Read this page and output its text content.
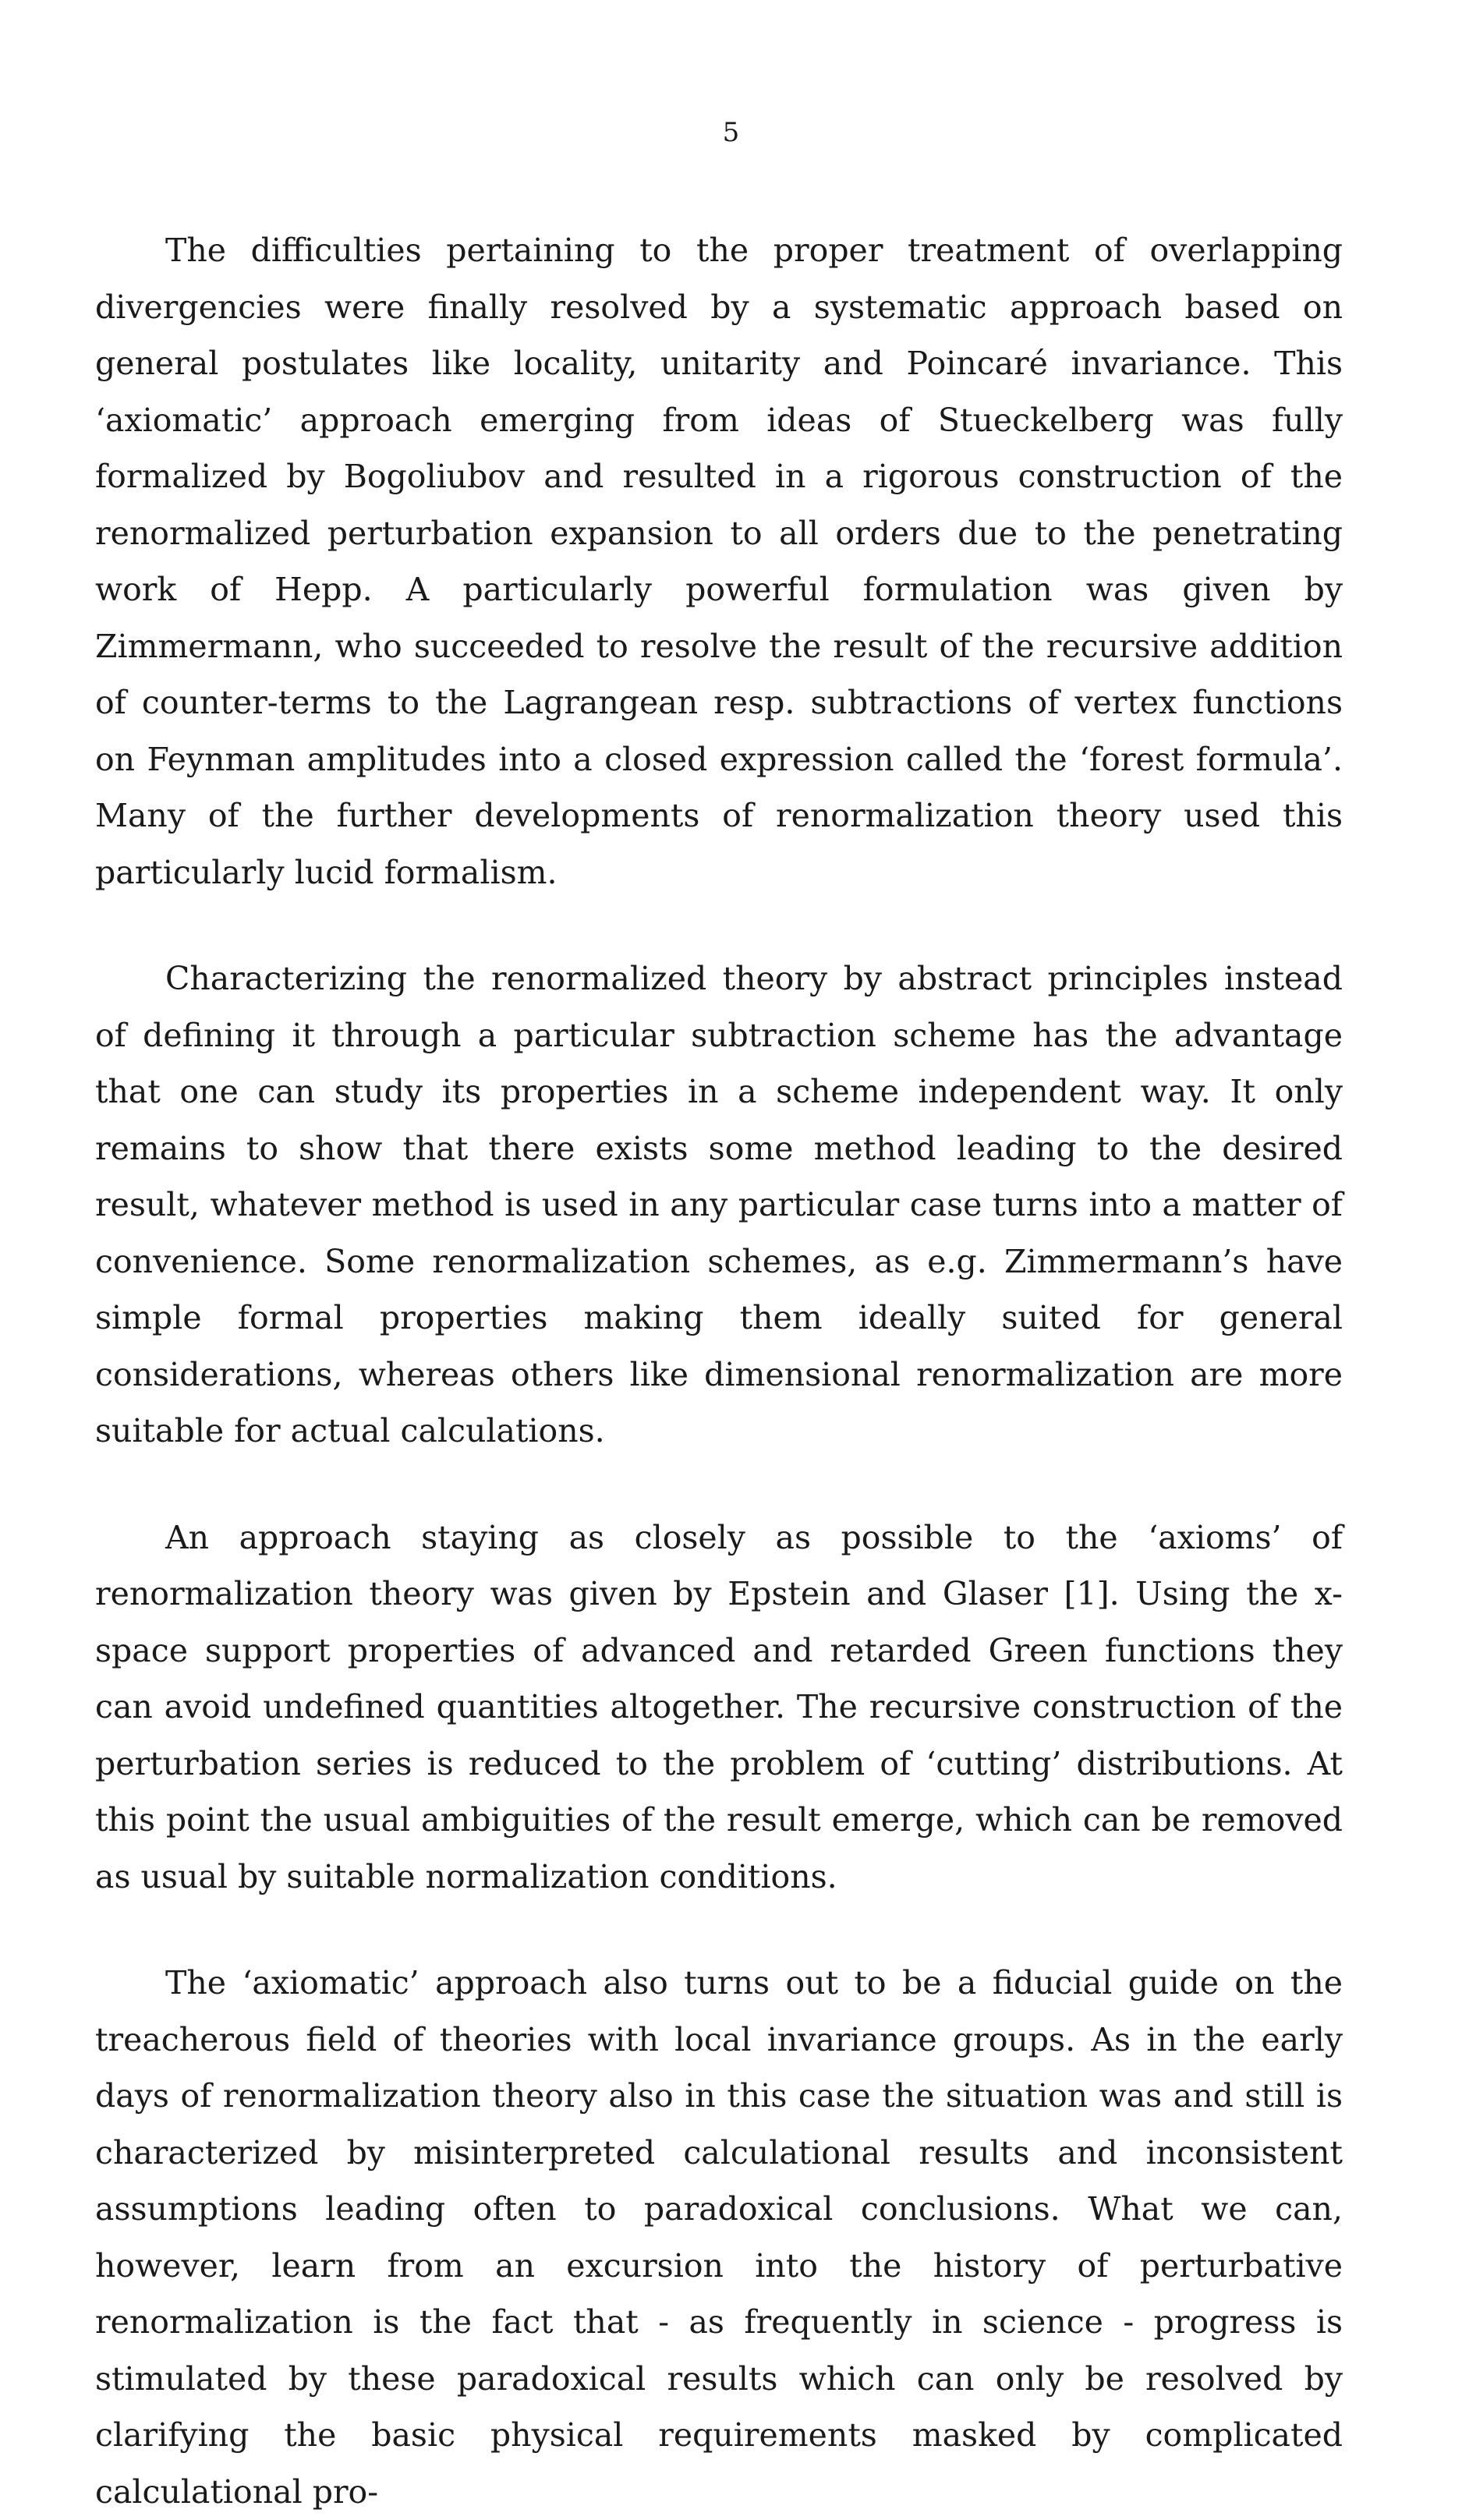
5

The difficulties pertaining to the proper treatment of overlapping divergencies were finally resolved by a systematic approach based on general postulates like locality, unitarity and Poincaré invariance. This ‘axiomatic’ approach emerging from ideas of Stueckelberg was fully formalized by Bogoliubov and resulted in a rigorous construction of the renormalized perturbation expansion to all orders due to the penetrating work of Hepp. A particularly powerful formulation was given by Zimmermann, who succeeded to resolve the result of the recursive addition of counter-terms to the Lagrangean resp. subtractions of vertex functions on Feynman amplitudes into a closed expression called the ‘forest formula’. Many of the further developments of renormalization theory used this particularly lucid formalism.

Characterizing the renormalized theory by abstract principles instead of defining it through a particular subtraction scheme has the advantage that one can study its properties in a scheme independent way. It only remains to show that there exists some method leading to the desired result, whatever method is used in any particular case turns into a matter of convenience. Some renormalization schemes, as e.g. Zimmermann’s have simple formal properties making them ideally suited for general considerations, whereas others like dimensional renormalization are more suitable for actual calculations.

An approach staying as closely as possible to the ‘axioms’ of renormalization theory was given by Epstein and Glaser [1]. Using the x-space support properties of advanced and retarded Green functions they can avoid undefined quantities altogether. The recursive construction of the perturbation series is reduced to the problem of ‘cutting’ distributions. At this point the usual ambiguities of the result emerge, which can be removed as usual by suitable normalization conditions.

The ‘axiomatic’ approach also turns out to be a fiducial guide on the treacherous field of theories with local invariance groups. As in the early days of renormalization theory also in this case the situation was and still is characterized by misinterpreted calculational results and inconsistent assumptions leading often to paradoxical conclusions. What we can, however, learn from an excursion into the history of perturbative renormalization is the fact that - as frequently in science - progress is stimulated by these paradoxical results which can only be resolved by clarifying the basic physical requirements masked by complicated calculational pro-
